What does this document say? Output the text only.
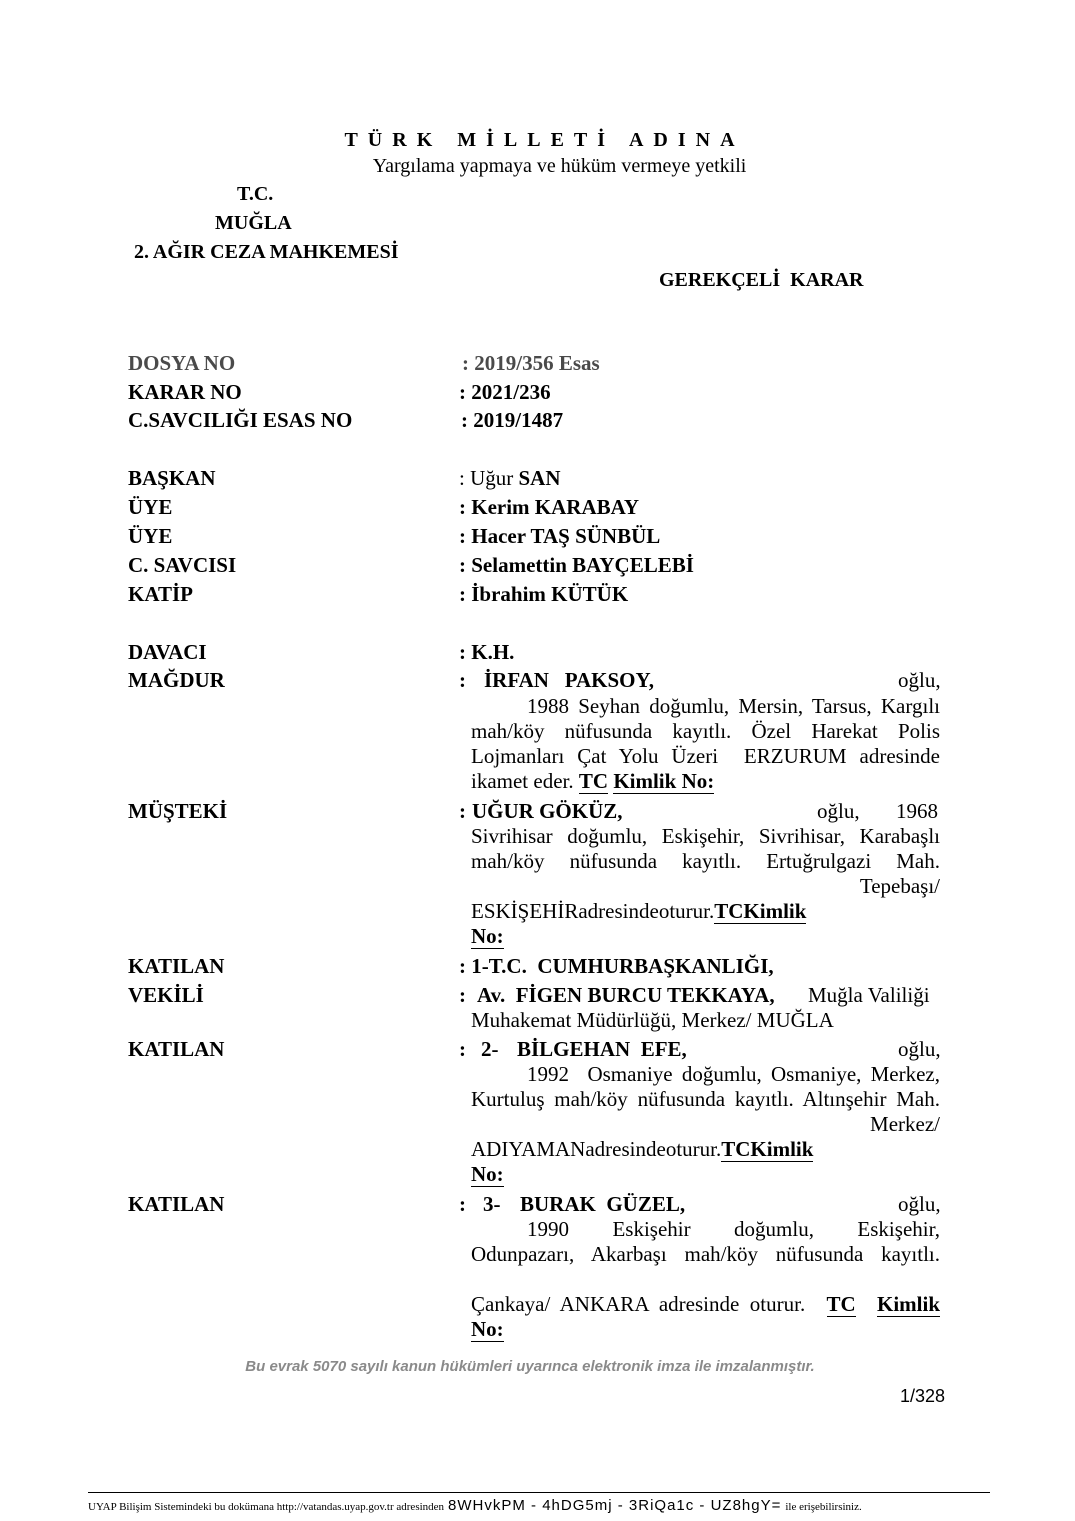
TÜRK MİLLETİ ADINA
Yargılama yapmaya ve hüküm vermeye yetkili
T.C.
MUĞLA
2. AĞIR CEZA MAHKEMESİ
GEREKÇELİ  KARAR
DOSYA NO	: 2019/356 Esas
KARAR NO	: 2021/236
C.SAVCILIĞI ESAS NO	: 2019/1487
BAŞKAN	: Uğur SAN
ÜYE	: Kerim KARABAY
ÜYE	: Hacer TAŞ SÜNBÜL
C. SAVCISI	: Selamettin BAYÇELEBİ
KATİP	: İbrahim KÜTÜK
DAVACI	: K.H.
MAĞDUR	: İRFAN   PAKSOY,	oğlu,
1988 Seyhan doğumlu, Mersin, Tarsus, Kargılı
mah/köy nüfusunda kayıtlı. Özel Harekat Polis
Lojmanları Çat Yolu Üzeri  ERZURUM adresinde
ikamet eder. TC Kimlik No:
MÜŞTEKİ	: UĞUR GÖKÜZ,	oğlu, 1968
Sivrihisar doğumlu, Eskişehir, Sivrihisar, Karabaşlı
mah/köy nüfusunda kayıtlı. Ertuğrulgazi Mah.
Tepebaşı/
ESKİŞEHİRadresindeoturur.TCKimlik
No:
KATILAN	: 1-T.C.  CUMHURBAŞKANLIĞI,
VEKİLİ	: Av.  FİGEN BURCU TEKKAYA, Muğla Valiliği
Muhakemat Müdürlüğü, Merkez/ MUĞLA
KATILAN	: 2- BİLGEHAN  EFE,	oğlu,
1992  Osmaniye doğumlu, Osmaniye, Merkez,
Kurtuluş mah/köy nüfusunda kayıtlı. Altınşehir Mah.
Merkez/
ADIYAMANadresindeoturur.TCKimlik
No:
KATILAN	: 3- BURAK  GÜZEL,	oğlu,
1990   Eskişehir   doğumlu,   Eskişehir,
Odunpazarı,  Akarbaşı  mah/köy  nüfusunda  kayıtlı.
Çankaya/  ANKARA  adresinde  oturur. TC Kimlik
No:
Bu evrak 5070 sayılı kanun hükümleri uyarınca elektronik imza ile imzalanmıştır.
1/328
UYAP Bilişim Sistemindeki bu dokümana http://vatandas.uyap.gov.tr adresinden 8WHvkPM - 4hDG5mj - 3RiQa1c - UZ8hgY= ile erişebilirsiniz.
